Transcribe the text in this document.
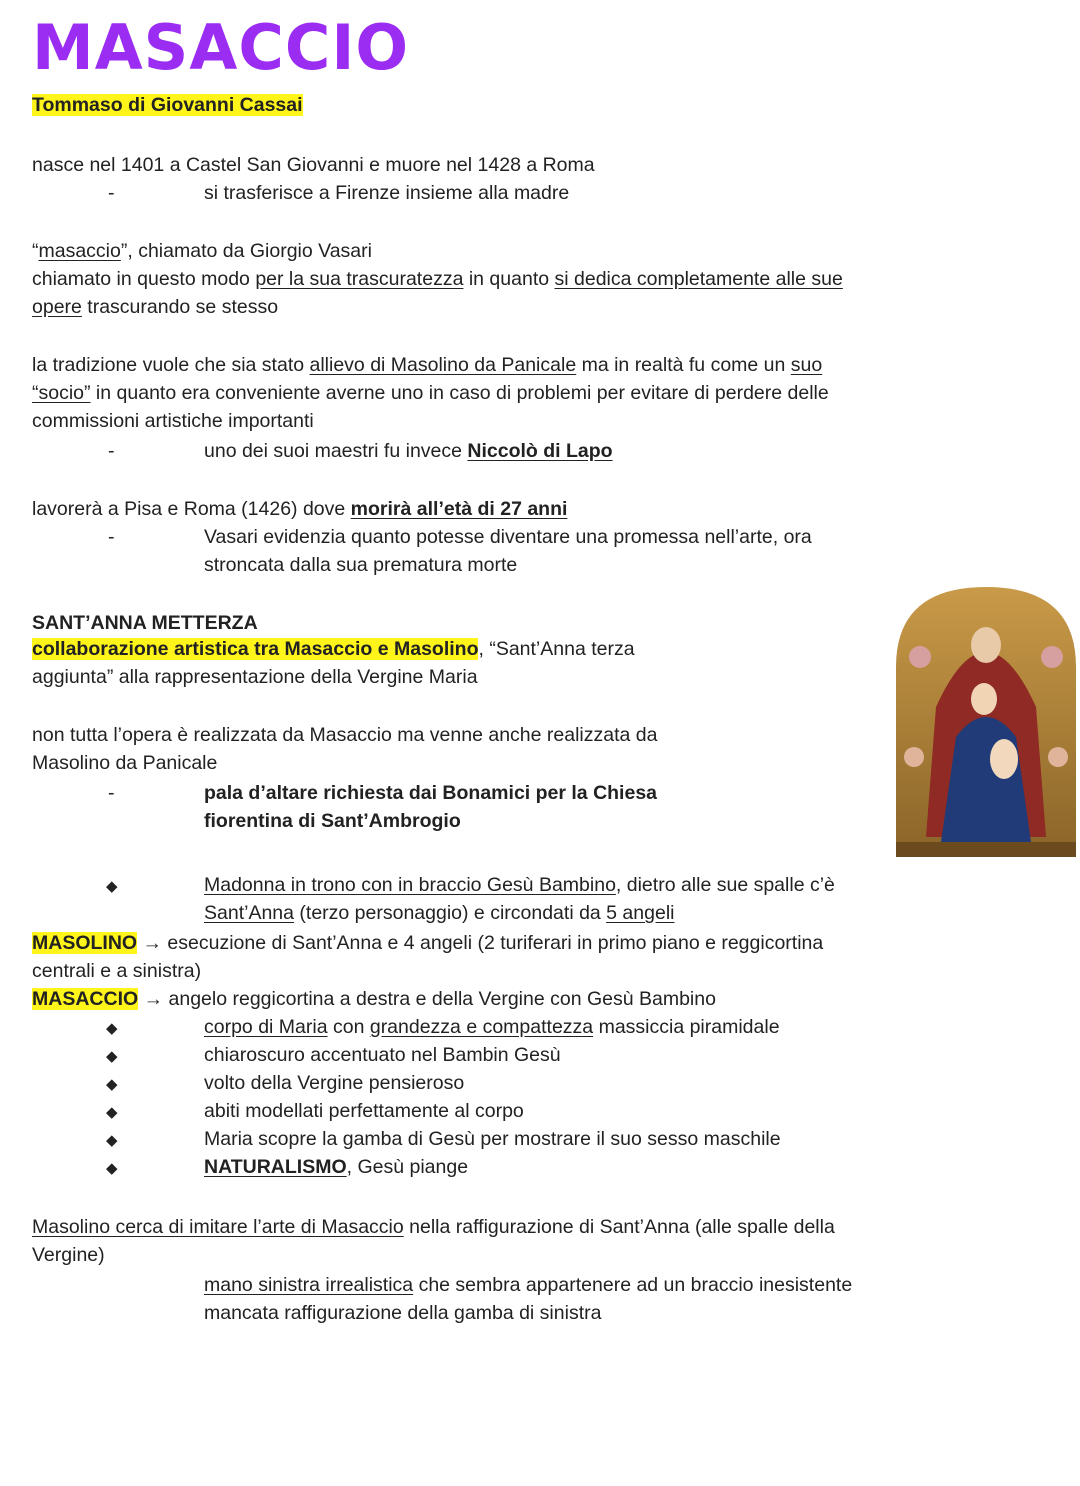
MASACCIO
Tommaso di Giovanni Cassai
nasce nel 1401 a Castel San Giovanni e muore nel 1428 a Roma
-	si trasferisce a Firenze insieme alla madre
“masaccio”, chiamato da Giorgio Vasari
chiamato in questo modo per la sua trascuratezza in quanto si dedica completamente alle sue
opere trascurando se stesso
la tradizione vuole che sia stato allievo di Masolino da Panicale ma in realtà fu come un suo
“socio” in quanto era conveniente averne uno in caso di problemi per evitare di perdere delle
commissioni artistiche importanti
-	uno dei suoi maestri fu invece Niccolò di Lapo
lavorerà a Pisa e Roma (1426) dove morirà all’età di 27 anni
-	Vasari evidenzia quanto potesse diventare una promessa nell’arte, ora
stroncata dalla sua prematura morte
SANT’ANNA METTERZA
collaborazione artistica tra Masaccio e Masolino, “Sant’Anna terza
aggiunta” alla rappresentazione della Vergine Maria
non tutta l’opera è realizzata da Masaccio ma venne anche realizzata da
Masolino da Panicale
-	pala d’altare richiesta dai Bonamici per la Chiesa
fiorentina di Sant’Ambrogio
◆	Madonna in trono con in braccio Gesù Bambino, dietro alle sue spalle c’è
Sant’Anna (terzo personaggio) e circondati da 5 angeli
MASOLINO → esecuzione di Sant’Anna e 4 angeli (2 turiferari in primo piano e reggicortina
centrali e a sinistra)
MASACCIO → angelo reggicortina a destra e della Vergine con Gesù Bambino
◆	corpo di Maria con grandezza e compattezza massiccia piramidale
◆	chiaroscuro accentuato nel Bambin Gesù
◆	volto della Vergine pensieroso
◆	abiti modellati perfettamente al corpo
◆	Maria scopre la gamba di Gesù per mostrare il suo sesso maschile
◆	NATURALISMO, Gesù piange
Masolino cerca di imitare l’arte di Masaccio nella raffigurazione di Sant’Anna (alle spalle della
Vergine)
mano sinistra irrealistica che sembra appartenere ad un braccio inesistente
mancata raffigurazione della gamba di sinistra
